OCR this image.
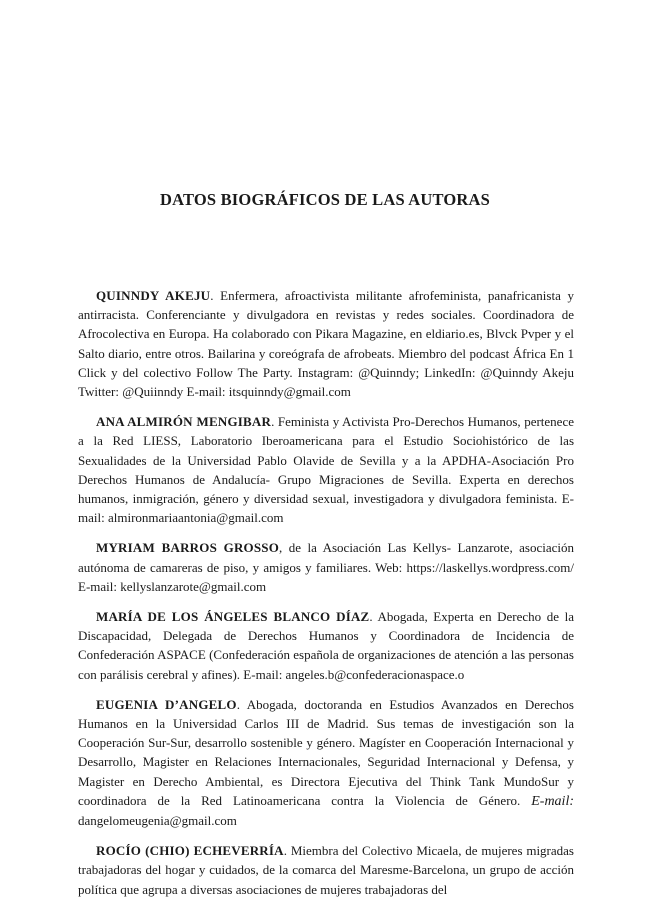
DATOS BIOGRÁFICOS DE LAS AUTORAS

QUINNDY AKEJU. Enfermera, afroactivista militante afrofeminista, panafricanista y antirracista. Conferenciante y divulgadora en revistas y redes sociales. Coordinadora de Afrocolectiva en Europa. Ha colaborado con Pikara Magazine, en eldiario.es, Blvck Pvper y el Salto diario, entre otros. Bailarina y coreógrafa de afrobeats. Miembro del podcast África En 1 Click y del colectivo Follow The Party. Instagram: @Quinndy; LinkedIn: @Quinndy Akeju Twitter: @Quiinndy E-mail: itsquinndy@gmail.com

ANA ALMIRÓN MENGIBAR. Feminista y Activista Pro-Derechos Humanos, pertenece a la Red LIESS, Laboratorio Iberoamericana para el Estudio Sociohistórico de las Sexualidades de la Universidad Pablo Olavide de Sevilla y a la APDHA-Asociación Pro Derechos Humanos de Andalucía- Grupo Migraciones de Sevilla. Experta en derechos humanos, inmigración, género y diversidad sexual, investigadora y divulgadora feminista. E-mail: almironmariaantonia@gmail.com

MYRIAM BARROS GROSSO, de la Asociación Las Kellys- Lanzarote, asociación autónoma de camareras de piso, y amigos y familiares. Web: https://laskellys.wordpress.com/ E-mail: kellyslanzarote@gmail.com

MARÍA DE LOS ÁNGELES BLANCO DÍAZ. Abogada, Experta en Derecho de la Discapacidad, Delegada de Derechos Humanos y Coordinadora de Incidencia de Confederación ASPACE (Confederación española de organizaciones de atención a las personas con parálisis cerebral y afines). E-mail: angeles.b@confederacionaspace.o

EUGENIA D’ANGELO. Abogada, doctoranda en Estudios Avanzados en Derechos Humanos en la Universidad Carlos III de Madrid. Sus temas de investigación son la Cooperación Sur-Sur, desarrollo sostenible y género. Magíster en Cooperación Internacional y Desarrollo, Magister en Relaciones Internacionales, Seguridad Internacional y Defensa, y Magister en Derecho Ambiental, es Directora Ejecutiva del Think Tank MundoSur y coordinadora de la Red Latinoamericana contra la Violencia de Género. E-mail: dangelomeugenia@gmail.com

ROCÍO (CHIO) ECHEVERRÍA. Miembra del Colectivo Micaela, de mujeres migradas trabajadoras del hogar y cuidados, de la comarca del Maresme-Barcelona, un grupo de acción política que agrupa a diversas asociaciones de mujeres trabajadoras del
